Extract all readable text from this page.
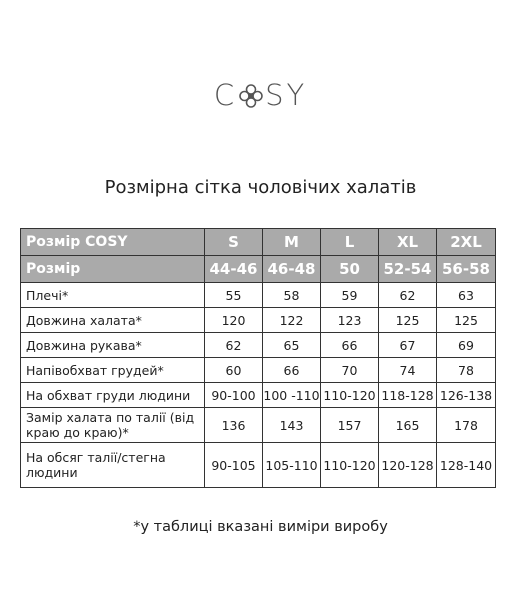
C SY
Розмірна сітка чоловічих халатів
Розмір COSY	S	M	L	XL	2XL
Розмір	44-46	46-48	50	52-54	56-58
Плечі*	55	58	59	62	63
Довжина халата*	120	122	123	125	125
Довжина рукава*	62	65	66	67	69
Напівобхват грудей*	60	66	70	74	78
На обхват груди людини	90-100	100 -110	110-120	118-128	126-138
Замір халата по талії (від краю до краю)*	136	143	157	165	178
На обсяг талії/стегна людини	90-105	105-110	110-120	120-128	128-140
*у таблиці вказані виміри виробу
